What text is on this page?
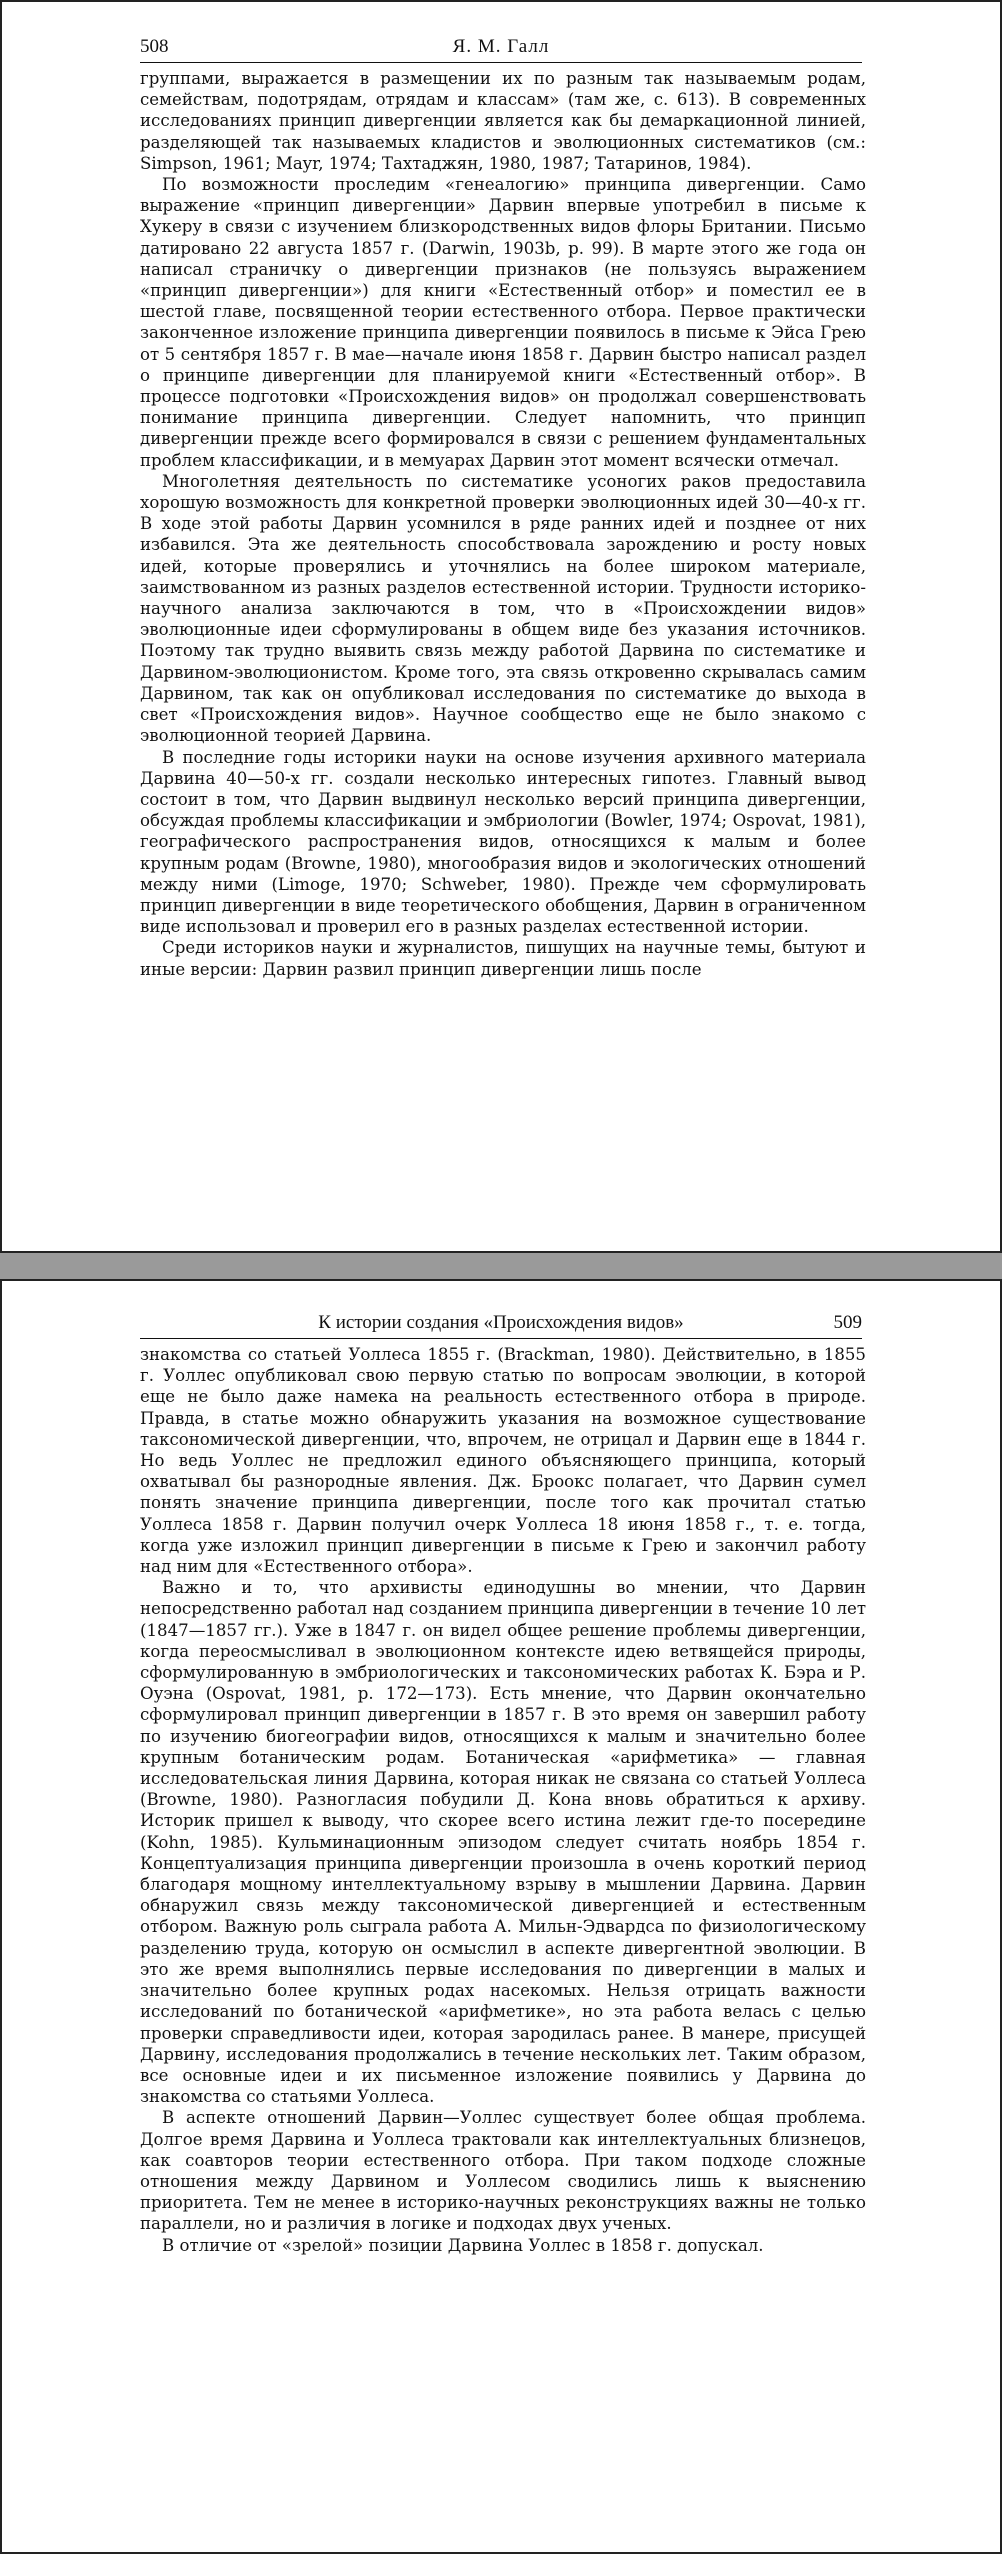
508	Я. М. Галл

группами, выражается в размещении их по разным так называемым родам, семействам, подотрядам, отрядам и классам» (там же, с. 613). В современных исследованиях принцип дивергенции является как бы демаркационной линией, разделяющей так называемых кладистов и эволюционных систематиков (см.: Simpson, 1961; Mayr, 1974; Тахтаджян, 1980, 1987; Татаринов, 1984).

По возможности проследим «генеалогию» принципа дивергенции. Само выражение «принцип дивергенции» Дарвин впервые употребил в письме к Хукеру в связи с изучением близкородственных видов флоры Британии. Письмо датировано 22 августа 1857 г. (Darwin, 1903b, p. 99). В марте этого же года он написал страничку о дивергенции признаков (не пользуясь выражением «принцип дивергенции») для книги «Естественный отбор» и поместил ее в шестой главе, посвященной теории естественного отбора. Первое практически законченное изложение принципа дивергенции появилось в письме к Эйса Грею от 5 сентября 1857 г. В мае—начале июня 1858 г. Дарвин быстро написал раздел о принципе дивергенции для планируемой книги «Естественный отбор». В процессе подготовки «Происхождения видов» он продолжал совершенствовать понимание принципа дивергенции. Следует напомнить, что принцип дивергенции прежде всего формировался в связи с решением фундаментальных проблем классификации, и в мемуарах Дарвин этот момент всячески отмечал.

Многолетняя деятельность по систематике усоногих раков предоставила хорошую возможность для конкретной проверки эволюционных идей 30—40-х гг. В ходе этой работы Дарвин усомнился в ряде ранних идей и позднее от них избавился. Эта же деятельность способствовала зарождению и росту новых идей, которые проверялись и уточнялись на более широком материале, заимствованном из разных разделов естественной истории. Трудности историко-научного анализа заключаются в том, что в «Происхождении видов» эволюционные идеи сформулированы в общем виде без указания источников. Поэтому так трудно выявить связь между работой Дарвина по систематике и Дарвином-эволюционистом. Кроме того, эта связь откровенно скрывалась самим Дарвином, так как он опубликовал исследования по систематике до выхода в свет «Происхождения видов». Научное сообщество еще не было знакомо с эволюционной теорией Дарвина.

В последние годы историки науки на основе изучения архивного материала Дарвина 40—50-х гг. создали несколько интересных гипотез. Главный вывод состоит в том, что Дарвин выдвинул несколько версий принципа дивергенции, обсуждая проблемы классификации и эмбриологии (Bowler, 1974; Ospovat, 1981), географического распространения видов, относящихся к малым и более крупным родам (Browne, 1980), многообразия видов и экологических отношений между ними (Limoge, 1970; Schweber, 1980). Прежде чем сформулировать принцип дивергенции в виде теоретического обобщения, Дарвин в ограниченном виде использовал и проверил его в разных разделах естественной истории.

Среди историков науки и журналистов, пишущих на научные темы, бытуют и иные версии: Дарвин развил принцип дивергенции лишь после

К истории создания «Происхождения видов»	509

знакомства со статьей Уоллеса 1855 г. (Brackman, 1980). Действительно, в 1855 г. Уоллес опубликовал свою первую статью по вопросам эволюции, в которой еще не было даже намека на реальность естественного отбора в природе. Правда, в статье можно обнаружить указания на возможное существование таксономической дивергенции, что, впрочем, не отрицал и Дарвин еще в 1844 г. Но ведь Уоллес не предложил единого объясняющего принципа, который охватывал бы разнородные явления. Дж. Броокс полагает, что Дарвин сумел понять значение принципа дивергенции, после того как прочитал статью Уоллеса 1858 г. Дарвин получил очерк Уоллеса 18 июня 1858 г., т. е. тогда, когда уже изложил принцип дивергенции в письме к Грею и закончил работу над ним для «Естественного отбора».

Важно и то, что архивисты единодушны во мнении, что Дарвин непосредственно работал над созданием принципа дивергенции в течение 10 лет (1847—1857 гг.). Уже в 1847 г. он видел общее решение проблемы дивергенции, когда переосмысливал в эволюционном контексте идею ветвящейся природы, сформулированную в эмбриологических и таксономических работах К. Бэра и Р. Оуэна (Ospovat, 1981, p. 172—173). Есть мнение, что Дарвин окончательно сформулировал принцип дивергенции в 1857 г. В это время он завершил работу по изучению биогеографии видов, относящихся к малым и значительно более крупным ботаническим родам. Ботаническая «арифметика» — главная исследовательская линия Дарвина, которая никак не связана со статьей Уоллеса (Browne, 1980). Разногласия побудили Д. Кона вновь обратиться к архиву. Историк пришел к выводу, что скорее всего истина лежит где-то посередине (Kohn, 1985). Кульминационным эпизодом следует считать ноябрь 1854 г. Концептуализация принципа дивергенции произошла в очень короткий период благодаря мощному интеллектуальному взрыву в мышлении Дарвина. Дарвин обнаружил связь между таксономической дивергенцией и естественным отбором. Важную роль сыграла работа А. Мильн-Эдвардса по физиологическому разделению труда, которую он осмыслил в аспекте дивергентной эволюции. В это же время выполнялись первые исследования по дивергенции в малых и значительно более крупных родах насекомых. Нельзя отрицать важности исследований по ботанической «арифметике», но эта работа велась с целью проверки справедливости идеи, которая зародилась ранее. В манере, присущей Дарвину, исследования продолжались в течение нескольких лет. Таким образом, все основные идеи и их письменное изложение появились у Дарвина до знакомства со статьями Уоллеса.

В аспекте отношений Дарвин—Уоллес существует более общая проблема. Долгое время Дарвина и Уоллеса трактовали как интеллектуальных близнецов, как соавторов теории естественного отбора. При таком подходе сложные отношения между Дарвином и Уоллесом сводились лишь к выяснению приоритета. Тем не менее в историко-научных реконструкциях важны не только параллели, но и различия в логике и подходах двух ученых.

В отличие от «зрелой» позиции Дарвина Уоллес в 1858 г. допускал.
